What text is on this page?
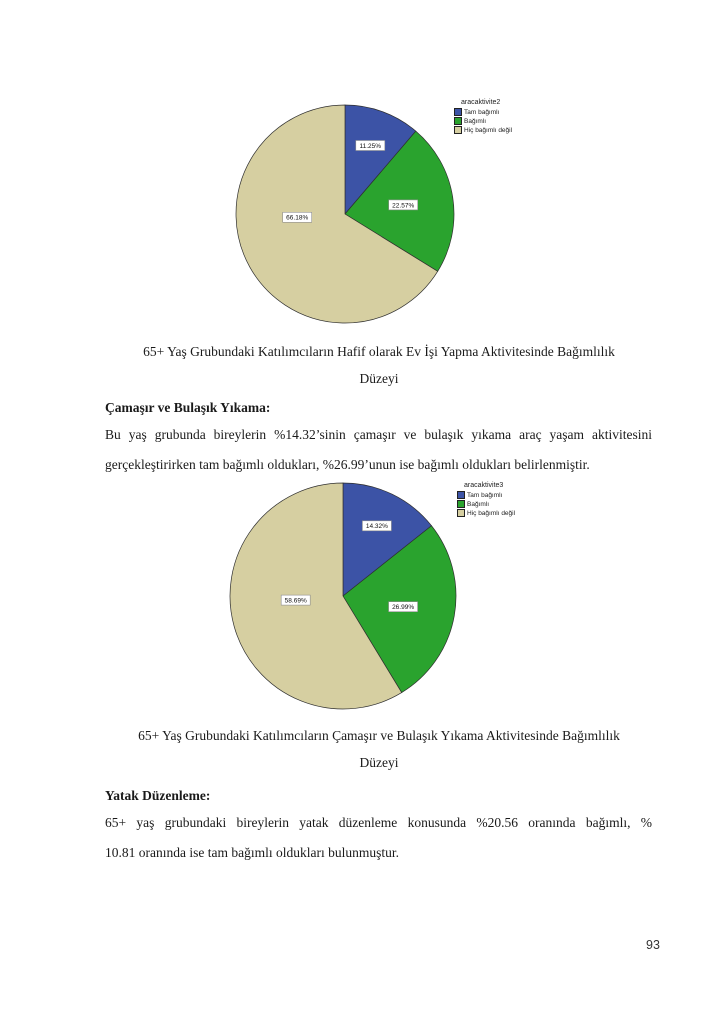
11.25%
22.57%
66.18%
aracaktivite2
Tam bağımlı
Bağımlı
Hiç bağımlı değil
65+ Yaş Grubundaki Katılımcıların Hafif olarak Ev İşi Yapma Aktivitesinde Bağımlılık
Düzeyi
Çamaşır ve Bulaşık Yıkama:
Bu yaş grubunda bireylerin %14.32’sinin çamaşır ve bulaşık yıkama araç yaşam aktivitesini
gerçekleştirirken tam bağımlı oldukları, %26.99’unun ise bağımlı oldukları belirlenmiştir.
14.32%
26.99%
58.69%
aracaktivite3
Tam bağımlı
Bağımlı
Hiç bağımlı değil
65+ Yaş Grubundaki Katılımcıların Çamaşır ve Bulaşık Yıkama Aktivitesinde Bağımlılık
Düzeyi
Yatak Düzenleme:
65+ yaş grubundaki bireylerin yatak düzenleme konusunda %20.56 oranında bağımlı, %
10.81 oranında ise tam bağımlı oldukları bulunmuştur.
93
